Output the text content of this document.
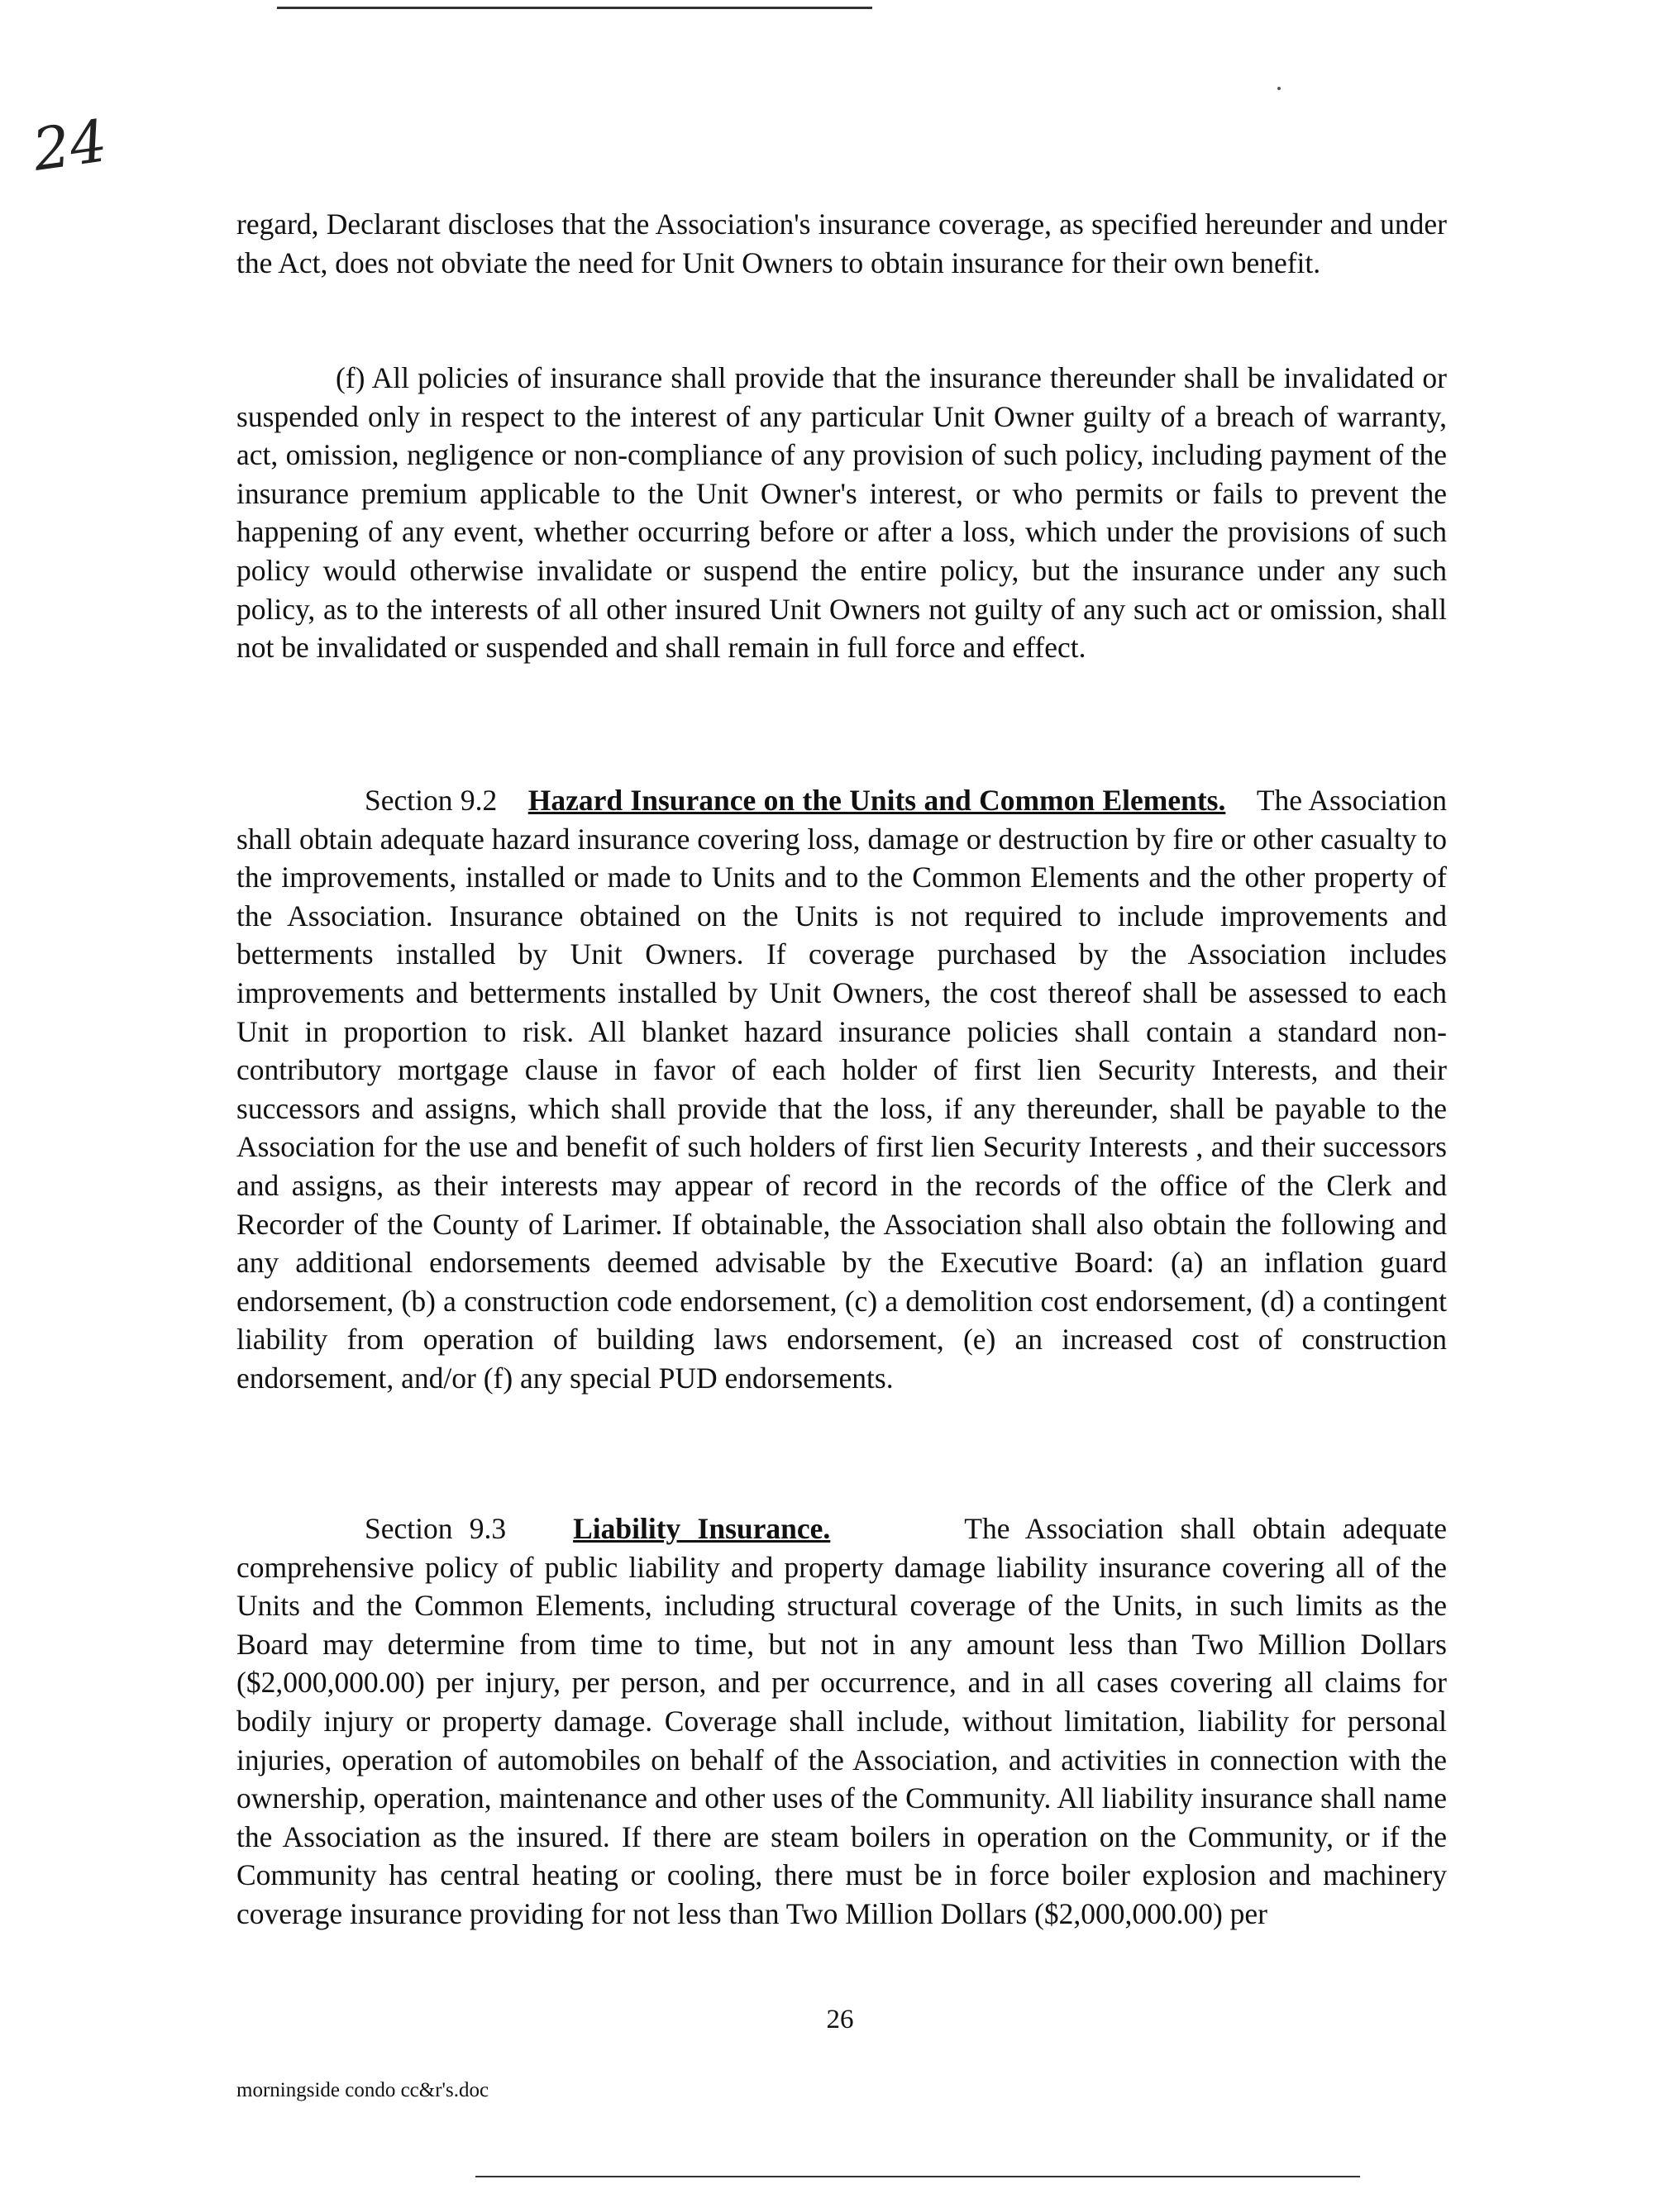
24

regard, Declarant discloses that the Association's insurance coverage, as specified hereunder and under the Act, does not obviate the need for Unit Owners to obtain insurance for their own benefit.

(f) All policies of insurance shall provide that the insurance thereunder shall be invalidated or suspended only in respect to the interest of any particular Unit Owner guilty of a breach of warranty, act, omission, negligence or non-compliance of any provision of such policy, including payment of the insurance premium applicable to the Unit Owner's interest, or who permits or fails to prevent the happening of any event, whether occurring before or after a loss, which under the provisions of such policy would otherwise invalidate or suspend the entire policy, but the insurance under any such policy, as to the interests of all other insured Unit Owners not guilty of any such act or omission, shall not be invalidated or suspended and shall remain in full force and effect.

Section 9.2 Hazard Insurance on the Units and Common Elements. The Association shall obtain adequate hazard insurance covering loss, damage or destruction by fire or other casualty to the improvements, installed or made to Units and to the Common Elements and the other property of the Association. Insurance obtained on the Units is not required to include improvements and betterments installed by Unit Owners. If coverage purchased by the Association includes improvements and betterments installed by Unit Owners, the cost thereof shall be assessed to each Unit in proportion to risk. All blanket hazard insurance policies shall contain a standard non-contributory mortgage clause in favor of each holder of first lien Security Interests, and their successors and assigns, which shall provide that the loss, if any thereunder, shall be payable to the Association for the use and benefit of such holders of first lien Security Interests , and their successors and assigns, as their interests may appear of record in the records of the office of the Clerk and Recorder of the County of Larimer. If obtainable, the Association shall also obtain the following and any additional endorsements deemed advisable by the Executive Board: (a) an inflation guard endorsement, (b) a construction code endorsement, (c) a demolition cost endorsement, (d) a contingent liability from operation of building laws endorsement, (e) an increased cost of construction endorsement, and/or (f) any special PUD endorsements.

Section 9.3 Liability Insurance.	The Association shall obtain adequate comprehensive policy of public liability and property damage liability insurance covering all of the Units and the Common Elements, including structural coverage of the Units, in such limits as the Board may determine from time to time, but not in any amount less than Two Million Dollars ($2,000,000.00) per injury, per person, and per occurrence, and in all cases covering all claims for bodily injury or property damage. Coverage shall include, without limitation, liability for personal injuries, operation of automobiles on behalf of the Association, and activities in connection with the ownership, operation, maintenance and other uses of the Community. All liability insurance shall name the Association as the insured. If there are steam boilers in operation on the Community, or if the Community has central heating or cooling, there must be in force boiler explosion and machinery coverage insurance providing for not less than Two Million Dollars ($2,000,000.00) per

26
morningside condo cc&r's.doc
